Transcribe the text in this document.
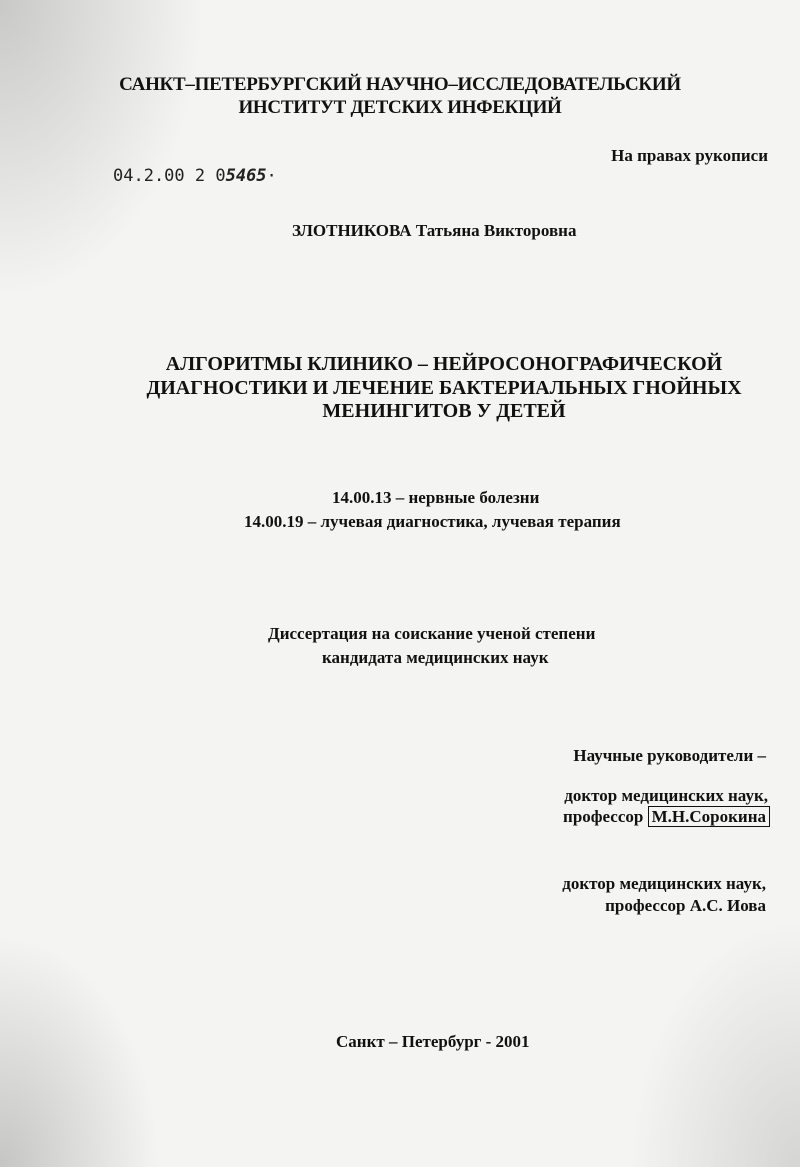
САНКТ–ПЕТЕРБУРГСКИЙ НАУЧНО–ИССЛЕДОВАТЕЛЬСКИЙ
ИНСТИТУТ ДЕТСКИХ ИНФЕКЦИЙ
На правах рукописи
04.2.00 2 05465·
ЗЛОТНИКОВА Татьяна Викторовна
АЛГОРИТМЫ КЛИНИКО – НЕЙРОСОНОГРАФИЧЕСКОЙ
ДИАГНОСТИКИ И ЛЕЧЕНИЕ БАКТЕРИАЛЬНЫХ ГНОЙНЫХ
МЕНИНГИТОВ У ДЕТЕЙ
14.00.13 – нервные болезни
14.00.19 – лучевая диагностика, лучевая терапия
Диссертация на соискание ученой степени
кандидата медицинских наук
Научные руководители –
доктор медицинских наук,
профессор М.Н.Сорокина
доктор медицинских наук,
профессор А.С. Иова
Санкт – Петербург - 2001
